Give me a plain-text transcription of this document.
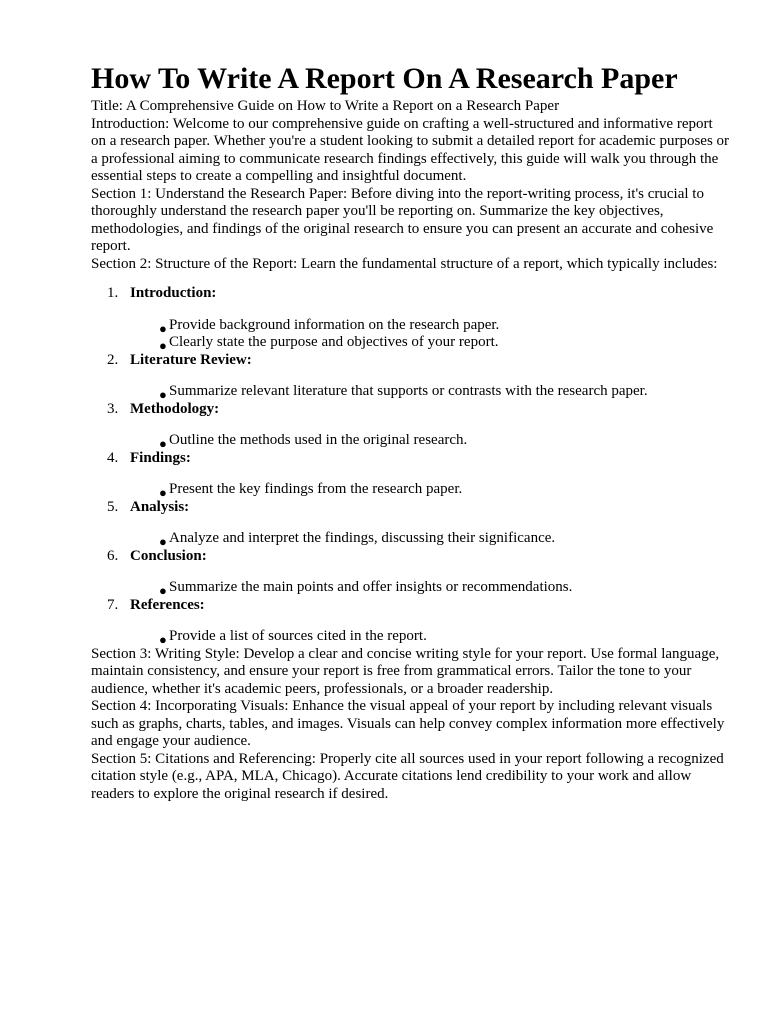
How To Write A Report On A Research Paper

Title: A Comprehensive Guide on How to Write a Report on a Research Paper

Introduction: Welcome to our comprehensive guide on crafting a well-structured and informative report on a research paper. Whether you're a student looking to submit a detailed report for academic purposes or a professional aiming to communicate research findings effectively, this guide will walk you through the essential steps to create a compelling and insightful document.

Section 1: Understand the Research Paper: Before diving into the report-writing process, it's crucial to thoroughly understand the research paper you'll be reporting on. Summarize the key objectives, methodologies, and findings of the original research to ensure you can present an accurate and cohesive report.

Section 2: Structure of the Report: Learn the fundamental structure of a report, which typically includes:

1. Introduction:
● Provide background information on the research paper.
● Clearly state the purpose and objectives of your report.
2. Literature Review:
● Summarize relevant literature that supports or contrasts with the research paper.
3. Methodology:
● Outline the methods used in the original research.
4. Findings:
● Present the key findings from the research paper.
5. Analysis:
● Analyze and interpret the findings, discussing their significance.
6. Conclusion:
● Summarize the main points and offer insights or recommendations.
7. References:
● Provide a list of sources cited in the report.

Section 3: Writing Style: Develop a clear and concise writing style for your report. Use formal language, maintain consistency, and ensure your report is free from grammatical errors. Tailor the tone to your audience, whether it's academic peers, professionals, or a broader readership.

Section 4: Incorporating Visuals: Enhance the visual appeal of your report by including relevant visuals such as graphs, charts, tables, and images. Visuals can help convey complex information more effectively and engage your audience.

Section 5: Citations and Referencing: Properly cite all sources used in your report following a recognized citation style (e.g., APA, MLA, Chicago). Accurate citations lend credibility to your work and allow readers to explore the original research if desired.
